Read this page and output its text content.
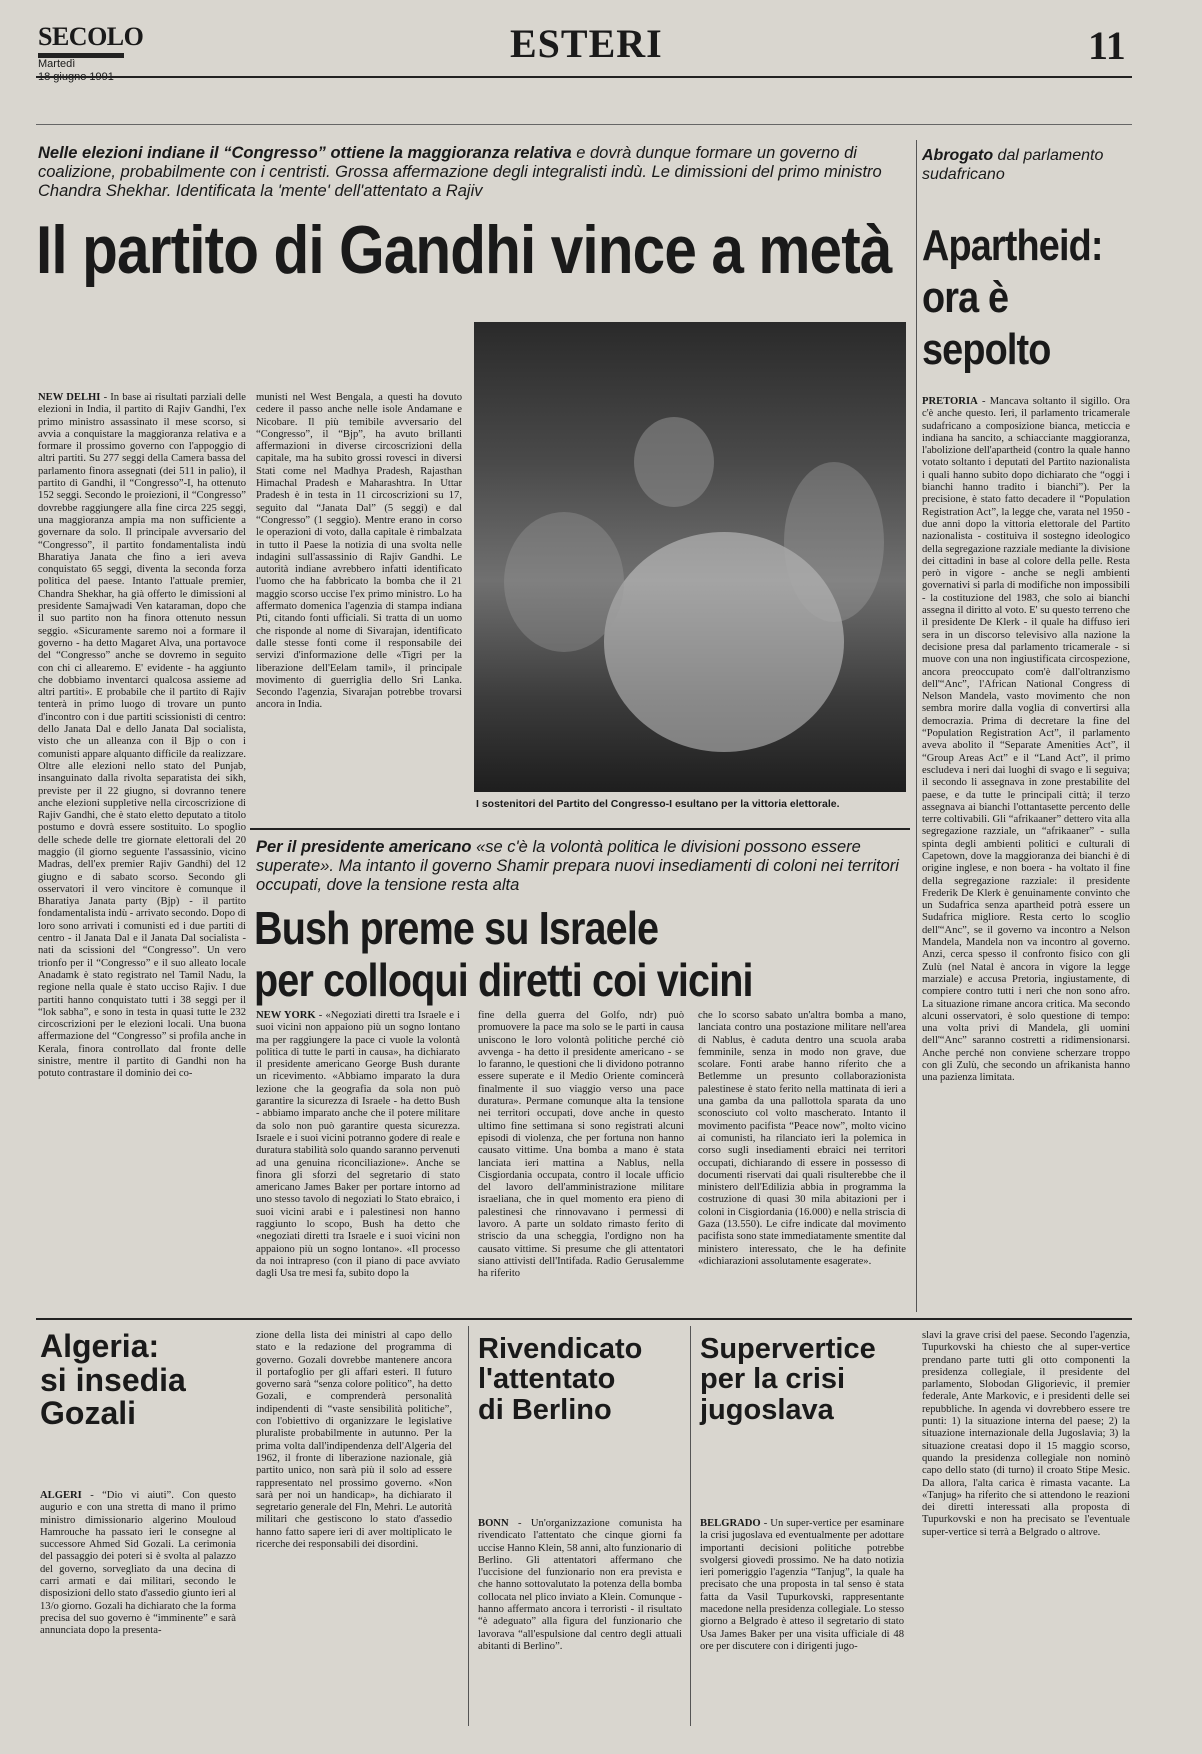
SECOLO
Martedì	ESTERI	11
Nelle elezioni indiane il “Congresso” ottiene la maggioranza relativa e dovrà dunque formare un governo di coalizione, probabilmente con i centristi. Grossa affermazione degli integralisti indù. Le dimissioni del primo ministro Chandra Shekhar. Identificata la 'mente' dell'attentato a Rajiv
Il partito di Gandhi vince a metà
NEW DELHI - In base ai risultati parziali delle elezioni in India, il partito di Rajiv Gandhi, l'ex primo ministro assassinato il mese scorso, si avvia a conquistare la maggioranza relativa e a formare il prossimo governo con l'appoggio di altri partiti. Su 277 seggi della Camera bassa del parlamento finora assegnati (dei 511 in palio), il partito di Gandhi, il “Congresso”-I, ha ottenuto 152 seggi. Secondo le proiezioni, il “Congresso” dovrebbe raggiungere alla fine circa 225 seggi, una maggioranza ampia ma non sufficiente a governare da solo. Il principale avversario del “Congresso”, il partito fondamentalista indù Bharatiya Janata che fino a ieri aveva conquistato 65 seggi, diventa la seconda forza politica del paese. Intanto l'attuale premier, Chandra Shekhar, ha già offerto le dimissioni al presidente Samajwadi Ven kataraman, dopo che il suo partito non ha finora ottenuto nessun seggio. «Sicuramente saremo noi a formare il governo - ha detto Magaret Alva, una portavoce del “Congresso” anche se dovremo in seguito con chi ci allearemo. E' evidente - ha aggiunto che dobbiamo inventarci qualcosa assieme ad altri partiti». E probabile che il partito di Rajiv tenterà in primo luogo di trovare un punto d'incontro con i due partiti scissionisti di centro: dello Janata Dal e dello Janata Dal socialista, visto che un alleanza con il Bjp o con i comunisti appare alquanto difficile da realizzare. Oltre alle elezioni nello stato del Punjab, insanguinato dalla rivolta separatista dei sikh, previste per il 22 giugno, si dovranno tenere anche elezioni suppletive nella circoscrizione di Rajiv Gandhi, che è stato eletto deputato a titolo postumo e dovrà essere sostituito. Lo spoglio delle schede delle tre giornate elettorali del 20 maggio (il giorno seguente l'assassinio, vicino Madras, dell'ex premier Rajiv Gandhi) del 12 giugno e di sabato scorso. Secondo gli osservatori il vero vincitore è comunque il Bharatiya Janata party (Bjp) - il partito fondamentalista indù - arrivato secondo. Dopo di loro sono arrivati i comunisti ed i due partiti di centro - il Janata Dal e il Janata Dal socialista - nati da scissioni del “Congresso”. Un vero trionfo per il “Congresso” e il suo alleato locale Anadamk è stato registrato nel Tamil Nadu, la regione nella quale è stato ucciso Rajiv. I due partiti hanno conquistato tutti i 38 seggi per il “lok sabha”, e sono in testa in quasi tutte le 232 circoscrizioni per le elezioni locali. Una buona affermazione del “Congresso” si profila anche in Kerala, finora controllato dal fronte delle sinistre, mentre il partito di Gandhi non ha potuto contrastare il dominio dei co-
munisti nel West Bengala, a questi ha dovuto cedere il passo anche nelle isole Andamane e Nicobare. Il più temibile avversario del “Congresso”, il “Bjp”, ha avuto brillanti affermazioni in diverse circoscrizioni della capitale, ma ha subito grossi rovesci in diversi Stati come nel Madhya Pradesh, Rajasthan Himachal Pradesh e Maharashtra. In Uttar Pradesh è in testa in 11 circoscrizioni su 17, seguito dal “Janata Dal” (5 seggi) e dal “Congresso” (1 seggio). Mentre erano in corso le operazioni di voto, dalla capitale è rimbalzata in tutto il Paese la notizia di una svolta nelle indagini sull'assassinio di Rajiv Gandhi. Le autorità indiane avrebbero infatti identificato l'uomo che ha fabbricato la bomba che il 21 maggio scorso uccise l'ex primo ministro. Lo ha affermato domenica l'agenzia di stampa indiana Pti, citando fonti ufficiali. Si tratta di un uomo che risponde al nome di Sivarajan, identificato dalle stesse fonti come il responsabile dei servizi d'informazione delle «Tigri per la liberazione dell'Eelam tamil», il principale movimento di guerriglia dello Sri Lanka. Secondo l'agenzia, Sivarajan potrebbe trovarsi ancora in India.
I sostenitori del Partito del Congresso-I esultano per la vittoria elettorale.
Abrogato dal parlamento sudafricano
Apartheid:
ora è
sepolto
PRETORIA - Mancava soltanto il sigillo. Ora c'è anche questo. Ieri, il parlamento tricamerale sudafricano a composizione bianca, meticcia e indiana ha sancito, a schiacciante maggioranza, l'abolizione dell'apartheid (contro la quale hanno votato soltanto i deputati del Partito nazionalista i quali hanno subito dopo dichiarato che “oggi i bianchi hanno tradito i bianchi”). Per la precisione, è stato fatto decadere il “Population Registration Act”, la legge che, varata nel 1950 - due anni dopo la vittoria elettorale del Partito nazionalista - costituiva il sostegno ideologico della segregazione razziale mediante la divisione dei cittadini in base al colore della pelle. Resta però in vigore - anche se negli ambienti governativi si parla di modifiche non impossibili - la costituzione del 1983, che solo ai bianchi assegna il diritto al voto. E' su questo terreno che il presidente De Klerk - il quale ha diffuso ieri sera in un discorso televisivo alla nazione la decisione presa dal parlamento tricamerale - si muove con una non ingiustificata circospezione, ancora preoccupato com'è dall'oltranzismo dell'“Anc”, l'African National Congress di Nelson Mandela, vasto movimento che non sembra morire dalla voglia di convertirsi alla democrazia. Prima di decretare la fine del “Population Registration Act”, il parlamento aveva abolito il “Separate Amenities Act”, il “Group Areas Act” e il “Land Act”, il primo escludeva i neri dai luoghi di svago e li seguiva; il secondo li assegnava in zone prestabilite del paese, e da tutte le principali città; il terzo assegnava ai bianchi l'ottantasette percento delle terre coltivabili. Gli “afrikaaner” dettero vita alla segregazione razziale, un “afrikaaner” - sulla spinta degli ambienti politici e culturali di Capetown, dove la maggioranza dei bianchi è di origine inglese, e non boera - ha voltato il fine della segregazione razziale: il presidente Frederik De Klerk è genuinamente convinto che un Sudafrica senza apartheid potrà essere un Sudafrica migliore. Resta certo lo scoglio dell'“Anc”, se il governo va incontro a Nelson Mandela, Mandela non va incontro al governo. Anzi, cerca spesso il confronto fisico con gli Zulù (nel Natal è ancora in vigore la legge marziale) e accusa Pretoria, ingiustamente, di compiere contro tutti i neri che non sono afro. La situazione rimane ancora critica. Ma secondo alcuni osservatori, è solo questione di tempo: una volta privi di Mandela, gli uomini dell'“Anc” saranno costretti a ridimensionarsi. Anche perché non conviene scherzare troppo con gli Zulù, che secondo un afrikanista hanno una pazienza limitata.
Per il presidente americano «se c'è la volontà politica le divisioni possono essere superate». Ma intanto il governo Shamir prepara nuovi insediamenti di coloni nei territori occupati, dove la tensione resta alta
Bush preme su Israele
per colloqui diretti coi vicini
NEW YORK - «Negoziati diretti tra Israele e i suoi vicini non appaiono più un sogno lontano ma per raggiungere la pace ci vuole la volontà politica di tutte le parti in causa», ha dichiarato il presidente americano George Bush durante un ricevimento. «Abbiamo imparato la dura lezione che la geografia da sola non può garantire la sicurezza di Israele - ha detto Bush - abbiamo imparato anche che il potere militare da solo non può garantire questa sicurezza. Israele e i suoi vicini potranno godere di reale e duratura stabilità solo quando saranno pervenuti ad una genuina riconciliazione». Anche se finora gli sforzi del segretario di stato americano James Baker per portare intorno ad uno stesso tavolo di negoziati lo Stato ebraico, i suoi vicini arabi e i palestinesi non hanno raggiunto lo scopo, Bush ha detto che «negoziati diretti tra Israele e i suoi vicini non appaiono più un sogno lontano». «Il processo da noi intrapreso (con il piano di pace avviato dagli Usa tre mesi fa, subito dopo la
fine della guerra del Golfo, ndr) può promuovere la pace ma solo se le parti in causa uniscono le loro volontà politiche perché ciò avvenga - ha detto il presidente americano - se lo faranno, le questioni che li dividono potranno essere superate e il Medio Oriente comincerà finalmente il suo viaggio verso una pace duratura». Permane comunque alta la tensione nei territori occupati, dove anche in questo ultimo fine settimana si sono registrati alcuni episodi di violenza, che per fortuna non hanno causato vittime. Una bomba a mano è stata lanciata ieri mattina a Nablus, nella Cisgiordania occupata, contro il locale ufficio del lavoro dell'amministrazione militare israeliana, che in quel momento era pieno di palestinesi che rinnovavano i permessi di lavoro. A parte un soldato rimasto ferito di striscio da una scheggia, l'ordigno non ha causato vittime. Si presume che gli attentatori siano attivisti dell'Intifada. Radio Gerusalemme ha riferito
che lo scorso sabato un'altra bomba a mano, lanciata contro una postazione militare nell'area di Nablus, è caduta dentro una scuola araba femminile, senza in modo non grave, due scolare. Fonti arabe hanno riferito che a Betlemme un presunto collaborazionista palestinese è stato ferito nella mattinata di ieri a una gamba da una pallottola sparata da uno sconosciuto col volto mascherato. Intanto il movimento pacifista “Peace now”, molto vicino ai comunisti, ha rilanciato ieri la polemica in corso sugli insediamenti ebraici nei territori occupati, dichiarando di essere in possesso di documenti riservati dai quali risulterebbe che il ministero dell'Edilizia abbia in programma la costruzione di quasi 30 mila abitazioni per i coloni in Cisgiordania (16.000) e nella striscia di Gaza (13.550). Le cifre indicate dal movimento pacifista sono state immediatamente smentite dal ministero interessato, che le ha definite «dichiarazioni assolutamente esagerate».
Algeria:
si insedia
Gozali
ALGERI - “Dio vi aiuti”. Con questo augurio e con una stretta di mano il primo ministro dimissionario algerino Mouloud Hamrouche ha passato ieri le consegne al successore Ahmed Sid Gozali. La cerimonia del passaggio dei poteri si è svolta al palazzo del governo, sorvegliato da una decina di carri armati e dai militari, secondo le disposizioni dello stato d'assedio giunto ieri al 13/o giorno. Gozali ha dichiarato che la forma precisa del suo governo è “imminente” e sarà annunciata dopo la presenta-
zione della lista dei ministri al capo dello stato e la redazione del programma di governo. Gozali dovrebbe mantenere ancora il portafoglio per gli affari esteri. Il futuro governo sarà “senza colore politico”, ha detto Gozali, e comprenderà personalità indipendenti di “vaste sensibilità politiche”, con l'obiettivo di organizzare le legislative pluraliste probabilmente in autunno. Per la prima volta dall'indipendenza dell'Algeria del 1962, il fronte di liberazione nazionale, già partito unico, non sarà più il solo ad essere rappresentato nel prossimo governo. «Non sarà per noi un handicap», ha dichiarato il segretario generale del Fln, Mehri. Le autorità militari che gestiscono lo stato d'assedio hanno fatto sapere ieri di aver moltiplicato le ricerche dei responsabili dei disordini.
Rivendicato
l'attentato
di Berlino
BONN - Un'organizzazione comunista ha rivendicato l'attentato che cinque giorni fa uccise Hanno Klein, 58 anni, alto funzionario di Berlino. Gli attentatori affermano che l'uccisione del funzionario non era prevista e che hanno sottovalutato la potenza della bomba collocata nel plico inviato a Klein. Comunque - hanno affermato ancora i terroristi - il risultato “è adeguato” alla figura del funzionario che lavorava “all'espulsione dal centro degli attuali abitanti di Berlino”.
Supervertice
per la crisi
jugoslava
BELGRADO - Un super-vertice per esaminare la crisi jugoslava ed eventualmente per adottare importanti decisioni politiche potrebbe svolgersi giovedì prossimo. Ne ha dato notizia ieri pomeriggio l'agenzia “Tanjug”, la quale ha precisato che una proposta in tal senso è stata fatta da Vasil Tupurkovski, rappresentante macedone nella presidenza collegiale. Lo stesso giorno a Belgrado è atteso il segretario di stato Usa James Baker per una visita ufficiale di 48 ore per discutere con i dirigenti jugo-
slavi la grave crisi del paese. Secondo l'agenzia, Tupurkovski ha chiesto che al super-vertice prendano parte tutti gli otto componenti la presidenza collegiale, il presidente del parlamento, Slobodan Gligorievic, il premier federale, Ante Markovic, e i presidenti delle sei repubbliche. In agenda vi dovrebbero essere tre punti: 1) la situazione interna del paese; 2) la situazione internazionale della Jugoslavia; 3) la situazione creatasi dopo il 15 maggio scorso, quando la presidenza collegiale non nominò capo dello stato (di turno) il croato Stipe Mesic. Da allora, l'alta carica è rimasta vacante. La «Tanjug» ha riferito che si attendono le reazioni dei diretti interessati alla proposta di Tupurkovski e non ha precisato se l'eventuale super-vertice si terrà a Belgrado o altrove.
